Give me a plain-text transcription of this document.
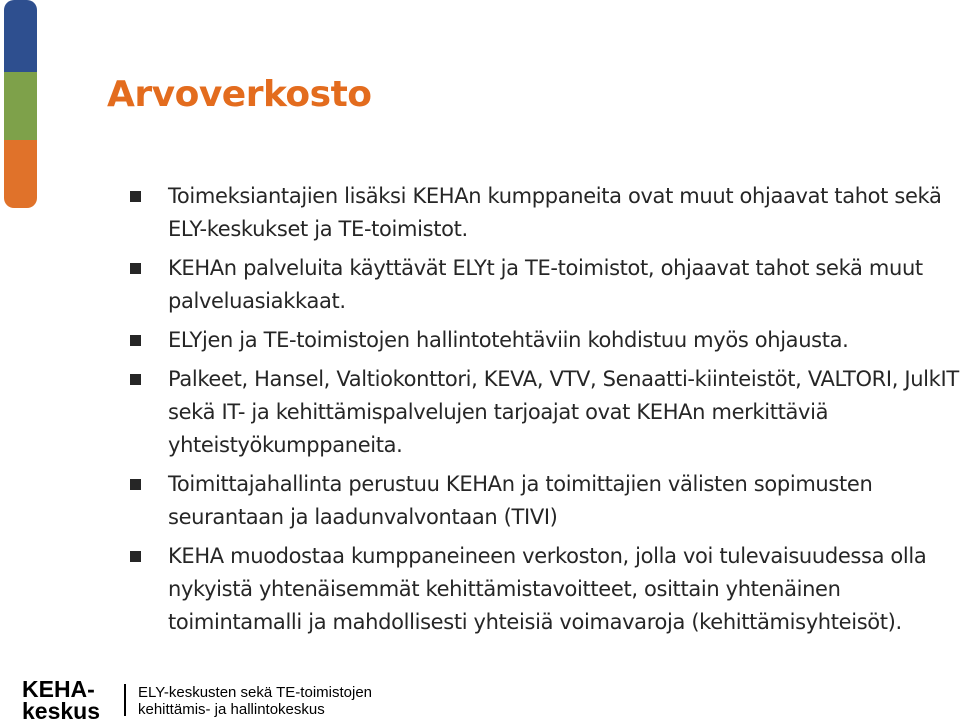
Arvoverkosto
Toimeksiantajien lisäksi KEHAn kumppaneita ovat muut ohjaavat tahot sekä ELY-keskukset ja TE-toimistot.
KEHAn palveluita käyttävät ELYt ja TE-toimistot, ohjaavat tahot sekä muut palveluasiakkaat.
ELYjen ja TE-toimistojen hallintotehtäviin kohdistuu myös ohjausta.
Palkeet, Hansel, Valtiokonttori, KEVA, VTV, Senaatti-kiinteistöt, VALTORI, JulkIT sekä IT- ja kehittämispalvelujen tarjoajat ovat KEHAn merkittäviä yhteistyökumppaneita.
Toimittajahallinta perustuu KEHAn ja toimittajien välisten sopimusten seurantaan ja laadunvalvontaan (TIVI)
KEHA muodostaa kumppaneineen verkoston, jolla voi tulevaisuudessa olla nykyistä yhtenäisemmät kehittämistavoitteet, osittain yhtenäinen toimintamalli ja mahdollisesti yhteisiä voimavaroja (kehittämisyhteisöt).
KEHA-
keskus
ELY-keskusten sekä TE-toimistojen
kehittämis- ja hallintokeskus
